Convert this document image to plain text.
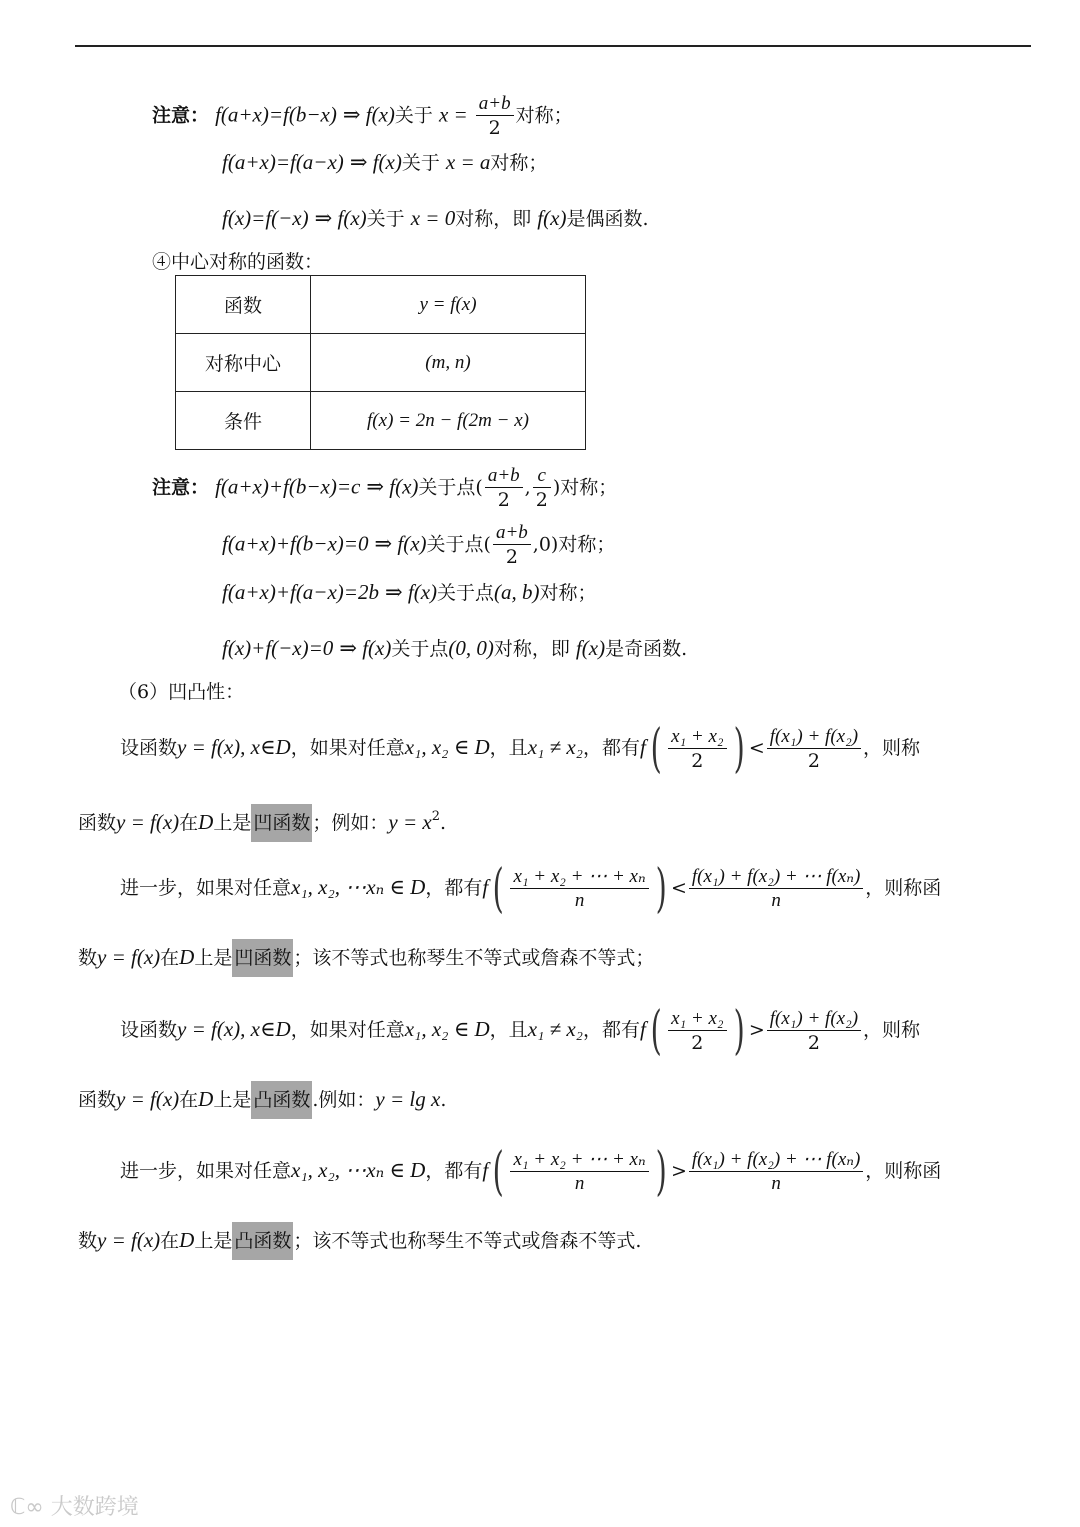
注意： f(a+x)=f(b−x) ⇒ f(x)关于 $x = \frac{a+b}{2}$ 对称；
f(a+x)=f(a−x) ⇒ f(x)关于 x = a对称；
f(x)=f(−x) ⇒ f(x)关于 x = 0对称，即 f(x)是偶函数.
④中心对称的函数：
函数	y = f(x)
对称中心	(m, n)
条件	f(x) = 2n − f(2m − x)
注意： f(a+x)+f(b−x)=c ⇒ f(x)关于点( $\frac{a+b}{2}$ , $\frac{c}{2}$ )对称；
f(a+x)+f(b−x)=0 ⇒ f(x)关于点( $\frac{a+b}{2} ,0$)对称；
f(a+x)+f(a−x)=2b ⇒ f(x)关于点(a, b)对称；
f(x)+f(−x)=0 ⇒ f(x)关于点(0, 0)对称，即 f(x)是奇函数.
（6）凹凸性：
设函数y = f(x), x∈D，如果对任意x₁, x₂ ∈ D，且x₁ ≠ x₂，都有$f( \frac{\text{x₁ + x₂}}{2}$ ) < $\frac{\text{f(x₁) + f(x₂)}}{2}$ ，则称
函数y = f(x)在D上是 凹函数 ；例如：$y = x^2$.
进一步，如果对任意x₁, x₂, ⋯xₙ ∈ D，都有$f( \frac{\text{x₁ + x₂ + ⋯ + xₙ}}{n}$ ) < $\frac{\text{f(x₁) + f(x₂) + ⋯ f(xₙ)}}{n}$ ，则称函
数y = f(x)在D上是 凹函数 ；该不等式也称琴生不等式或詹森不等式；
设函数y = f(x), x∈D，如果对任意x₁, x₂ ∈ D，且x₁ ≠ x₂，都有$f( \frac{\text{x₁ + x₂}}{2}$ ) > $\frac{\text{f(x₁) + f(x₂)}}{2}$ ，则称
函数y = f(x)在D上是 凸函数 .例如：y = lg x.
进一步，如果对任意x₁, x₂, ⋯xₙ ∈ D，都有$f( \frac{\text{x₁ + x₂ + ⋯ + xₙ}}{n}$ ) > $\frac{\text{f(x₁) + f(x₂) + ⋯ f(xₙ)}}{n}$ ，则称函
数y = f(x)在D上是 凸函数 ；该不等式也称琴生不等式或詹森不等式.
ℂ∞ 大数跨境
